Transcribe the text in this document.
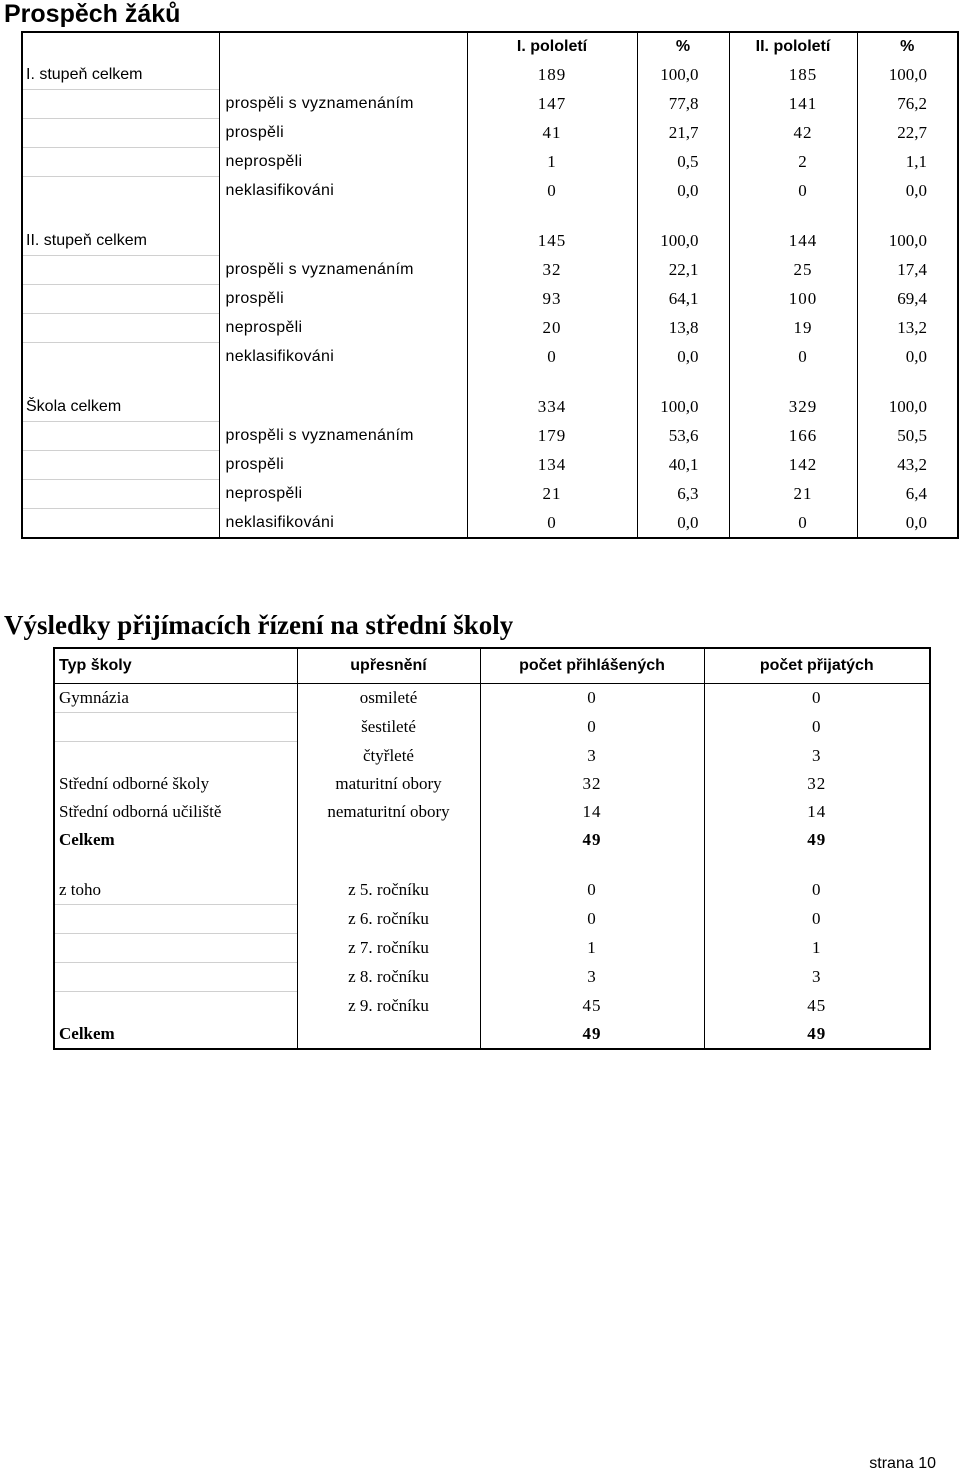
Prospěch žáků
		I. pololetí	%	II. pololetí	%
I. stupeň celkem		189	100,0	185	100,0
	prospěli s vyznamenáním	147	77,8	141	76,2
	prospěli	41	21,7	42	22,7
	neprospěli	1	0,5	2	1,1
	neklasifikováni	0	0,0	0	0,0

II. stupeň celkem		145	100,0	144	100,0
	prospěli s vyznamenáním	32	22,1	25	17,4
	prospěli	93	64,1	100	69,4
	neprospěli	20	13,8	19	13,2
	neklasifikováni	0	0,0	0	0,0

Škola celkem		334	100,0	329	100,0
	prospěli s vyznamenáním	179	53,6	166	50,5
	prospěli	134	40,1	142	43,2
	neprospěli	21	6,3	21	6,4
	neklasifikováni	0	0,0	0	0,0
Výsledky přijímacích řízení na střední školy
Typ školy	upřesnění	počet přihlášených	počet přijatých
Gymnázia	osmileté	0	0
	šestileté	0	0
	čtyřleté	3	3
Střední odborné školy	maturitní obory	32	32
Střední odborná učiliště	nematuritní obory	14	14
Celkem		49	49

z toho	z 5. ročníku	0	0
	z 6. ročníku	0	0
	z 7. ročníku	1	1
	z 8. ročníku	3	3
	z 9. ročníku	45	45
Celkem		49	49
strana 10
